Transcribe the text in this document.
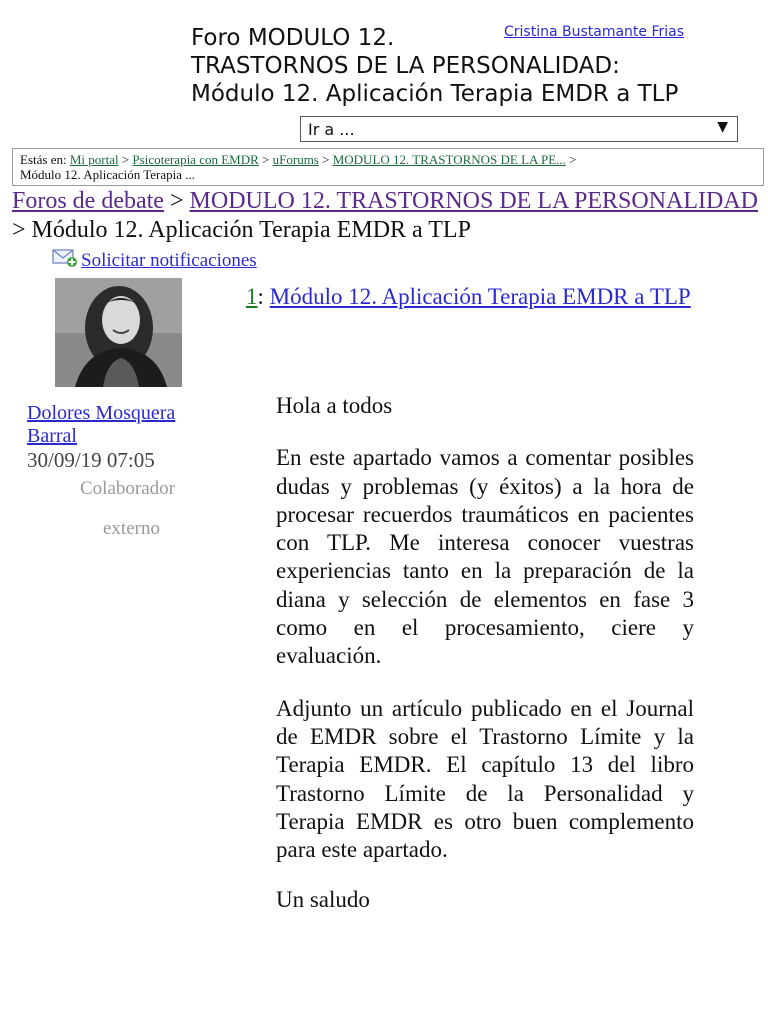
Foro MODULO 12.
TRASTORNOS DE LA PERSONALIDAD:
Módulo 12. Aplicación Terapia EMDR a TLP
Cristina Bustamante Frias
Ir a ...	▼
Estás en: Mi portal > Psicoterapia con EMDR > uForums > MODULO 12. TRASTORNOS DE LA PE... >
Módulo 12. Aplicación Terapia ...
Foros de debate > MODULO 12. TRASTORNOS DE LA PERSONALIDAD > Módulo 12. Aplicación Terapia EMDR a TLP
Solicitar notificaciones
1: Módulo 12. Aplicación Terapia EMDR a TLP
Dolores Mosquera Barral
30/09/19 07:05
Colaborador
externo

Hola a todos

En este apartado vamos a comentar posibles dudas y problemas (y éxitos) a la hora de procesar recuerdos traumáticos en pacientes con TLP. Me interesa conocer vuestras experiencias tanto en la preparación de la diana y selección de elementos en fase 3 como en el procesamiento, ciere y evaluación.

Adjunto un artículo publicado en el Journal de EMDR sobre el Trastorno Límite y la Terapia EMDR. El capítulo 13 del libro Trastorno Límite de la Personalidad y Terapia EMDR es otro buen complemento para este apartado.

Un saludo
